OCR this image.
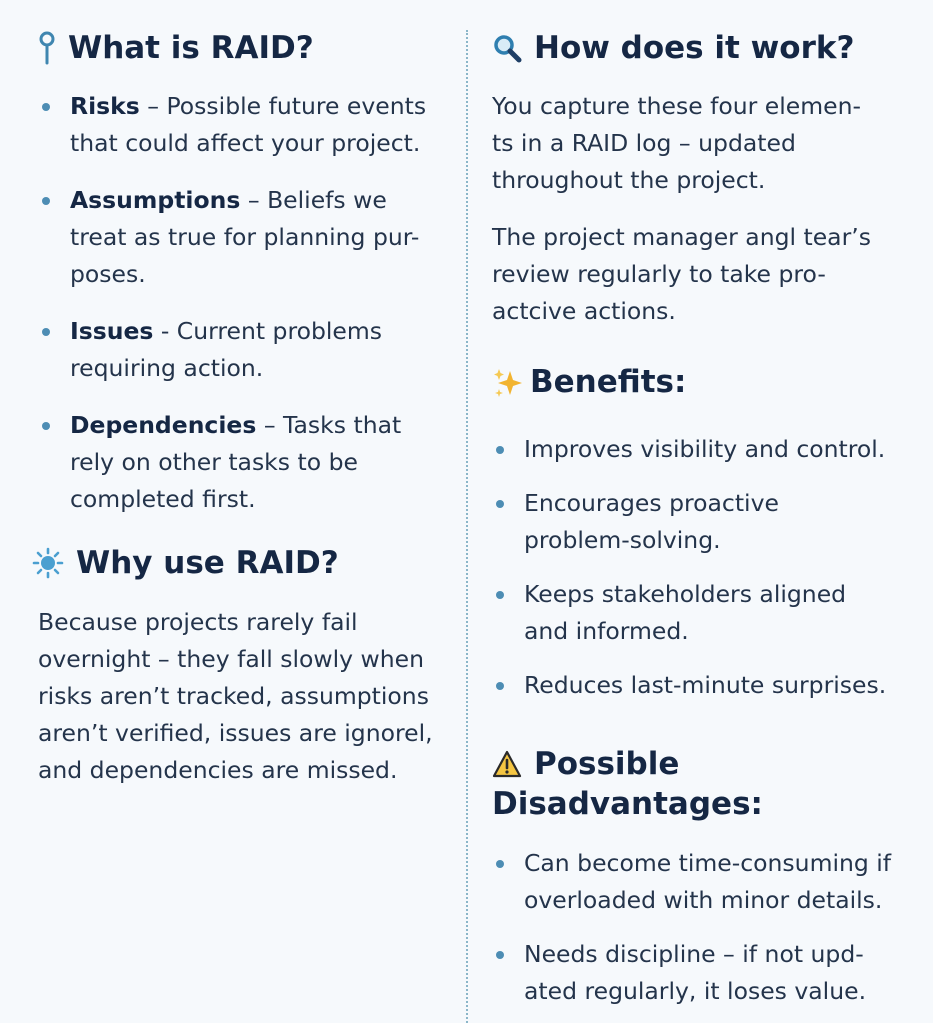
What is RAID?
Risks – Possible future events
that could affect your project.
Assumptions – Beliefs we
treat as true for planning pur-
poses.
Issues - Current problems
requiring action.
Dependencies – Tasks that
rely on other tasks to be
completed first.
Why use RAID?
Because projects rarely fail
overnight – they fall slowly when
risks aren’t tracked, assumptions
aren’t verified, issues are ignorel,
and dependencies are missed.
How does it work?
You capture these four elemen-
ts in a RAID log – updated
throughout the project.
The project manager angl tear’s
review regularly to take pro-
actcive actions.
Benefits:
Improves visibility and control.
Encourages proactive
problem-solving.
Keeps stakeholders aligned
and informed.
Reduces last-minute surprises.
Possible
Disadvantages:
Can become time-consuming if
overloaded with minor details.
Needs discipline – if not upd-
ated regularly, it loses value.
